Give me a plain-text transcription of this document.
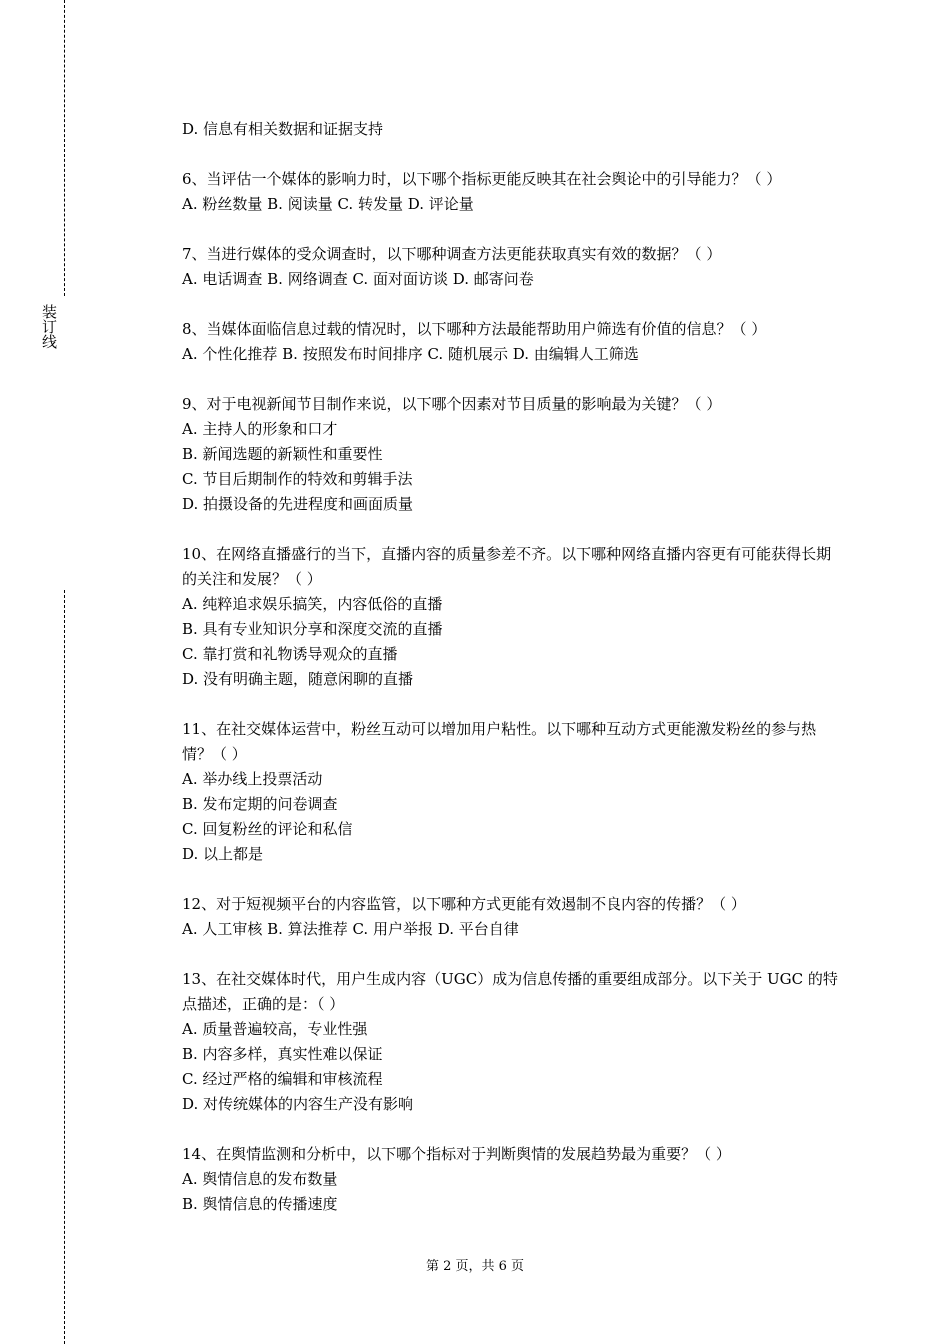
装订线
D. 信息有相关数据和证据支持
6、当评估一个媒体的影响力时，以下哪个指标更能反映其在社会舆论中的引导能力？（ ）
A. 粉丝数量 B. 阅读量 C. 转发量 D. 评论量
7、当进行媒体的受众调查时，以下哪种调查方法更能获取真实有效的数据？（ ）
A. 电话调查 B. 网络调查 C. 面对面访谈 D. 邮寄问卷
8、当媒体面临信息过载的情况时，以下哪种方法最能帮助用户筛选有价值的信息？（ ）
A. 个性化推荐 B. 按照发布时间排序 C. 随机展示 D. 由编辑人工筛选
9、对于电视新闻节目制作来说，以下哪个因素对节目质量的影响最为关键？（ ）
A. 主持人的形象和口才
B. 新闻选题的新颖性和重要性
C. 节目后期制作的特效和剪辑手法
D. 拍摄设备的先进程度和画面质量
10、在网络直播盛行的当下，直播内容的质量参差不齐。以下哪种网络直播内容更有可能获得长期的关注和发展？（ ）
A. 纯粹追求娱乐搞笑，内容低俗的直播
B. 具有专业知识分享和深度交流的直播
C. 靠打赏和礼物诱导观众的直播
D. 没有明确主题，随意闲聊的直播
11、在社交媒体运营中，粉丝互动可以增加用户粘性。以下哪种互动方式更能激发粉丝的参与热情？（ ）
A. 举办线上投票活动
B. 发布定期的问卷调查
C. 回复粉丝的评论和私信
D. 以上都是
12、对于短视频平台的内容监管，以下哪种方式更能有效遏制不良内容的传播？（ ）
A. 人工审核 B. 算法推荐 C. 用户举报 D. 平台自律
13、在社交媒体时代，用户生成内容（UGC）成为信息传播的重要组成部分。以下关于 UGC 的特点描述，正确的是：（ ）
A. 质量普遍较高，专业性强
B. 内容多样，真实性难以保证
C. 经过严格的编辑和审核流程
D. 对传统媒体的内容生产没有影响
14、在舆情监测和分析中，以下哪个指标对于判断舆情的发展趋势最为重要？（ ）
A. 舆情信息的发布数量
B. 舆情信息的传播速度
第 2 页，共 6 页
